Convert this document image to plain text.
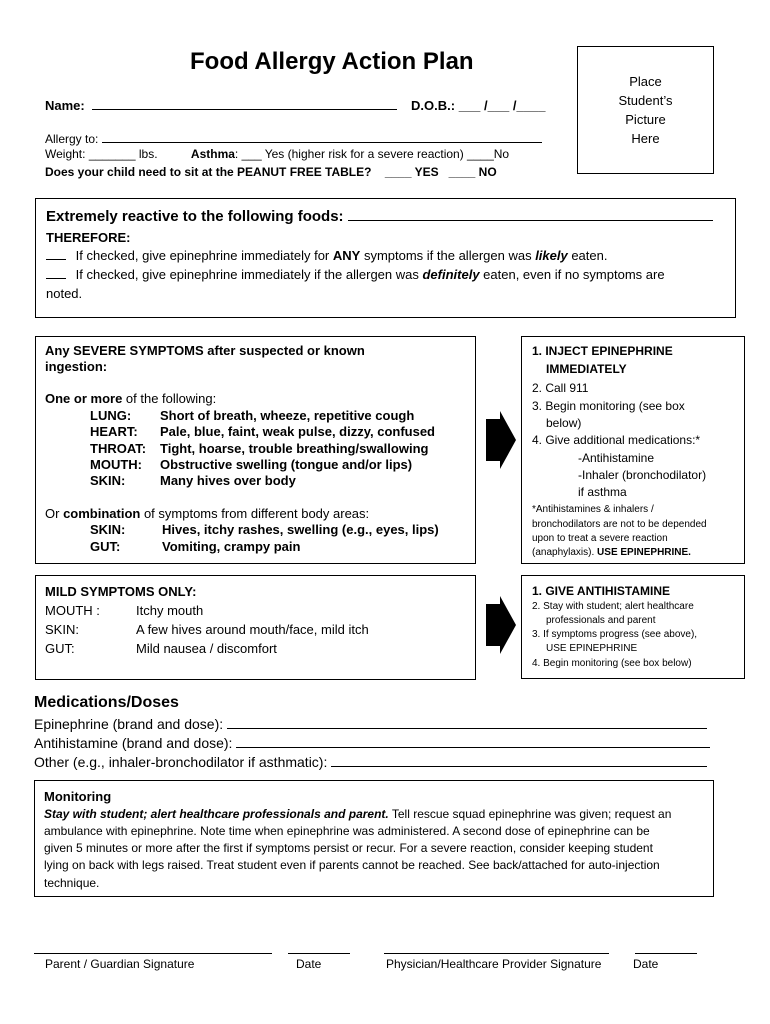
Food Allergy Action Plan
Name:	D.O.B.: ___ /___ /____
Allergy to:
Weight: _______ lbs.	Asthma: ___ Yes (higher risk for a severe reaction) ____No
Does your child need to sit at the PEANUT FREE TABLE? ____ YES   ____ NO
Place
Student’s
Picture
Here
Extremely reactive to the following foods:
THEREFORE:
If checked, give epinephrine immediately for ANY symptoms if the allergen was likely eaten.
If checked, give epinephrine immediately if the allergen was definitely eaten, even if no symptoms are
noted.
Any SEVERE SYMPTOMS after suspected or known
ingestion:
One or more of the following:
LUNG: Short of breath, wheeze, repetitive cough
HEART: Pale, blue, faint, weak pulse, dizzy, confused
THROAT: Tight, hoarse, trouble breathing/swallowing
MOUTH: Obstructive swelling (tongue and/or lips)
SKIN:	Many hives over body
Or combination of symptoms from different body areas:
SKIN:	Hives, itchy rashes, swelling (e.g., eyes, lips)
GUT:	Vomiting, crampy pain
1. INJECT EPINEPHRINE
IMMEDIATELY
2. Call 911
3. Begin monitoring (see box
below)
4. Give additional medications:*
-Antihistamine
-Inhaler (bronchodilator)
if asthma
*Antihistamines & inhalers /
bronchodilators are not to be depended
upon to treat a severe reaction
(anaphylaxis). USE EPINEPHRINE.
MILD SYMPTOMS ONLY:
MOUTH :	Itchy mouth
SKIN:	A few hives around mouth/face, mild itch
GUT:	Mild nausea / discomfort
1. GIVE ANTIHISTAMINE
2. Stay with student; alert healthcare
professionals and parent
3. If symptoms progress (see above),
USE EPINEPHRINE
4. Begin monitoring (see box below)
Medications/Doses
Epinephrine (brand and dose):
Antihistamine (brand and dose):
Other (e.g., inhaler-bronchodilator if asthmatic):
Monitoring
Stay with student; alert healthcare professionals and parent. Tell rescue squad epinephrine was given; request an
ambulance with epinephrine. Note time when epinephrine was administered. A second dose of epinephrine can be
given 5 minutes or more after the first if symptoms persist or recur. For a severe reaction, consider keeping student
lying on back with legs raised. Treat student even if parents cannot be reached. See back/attached for auto-injection
technique.
Parent / Guardian Signature	Date	Physician/Healthcare Provider Signature	Date
